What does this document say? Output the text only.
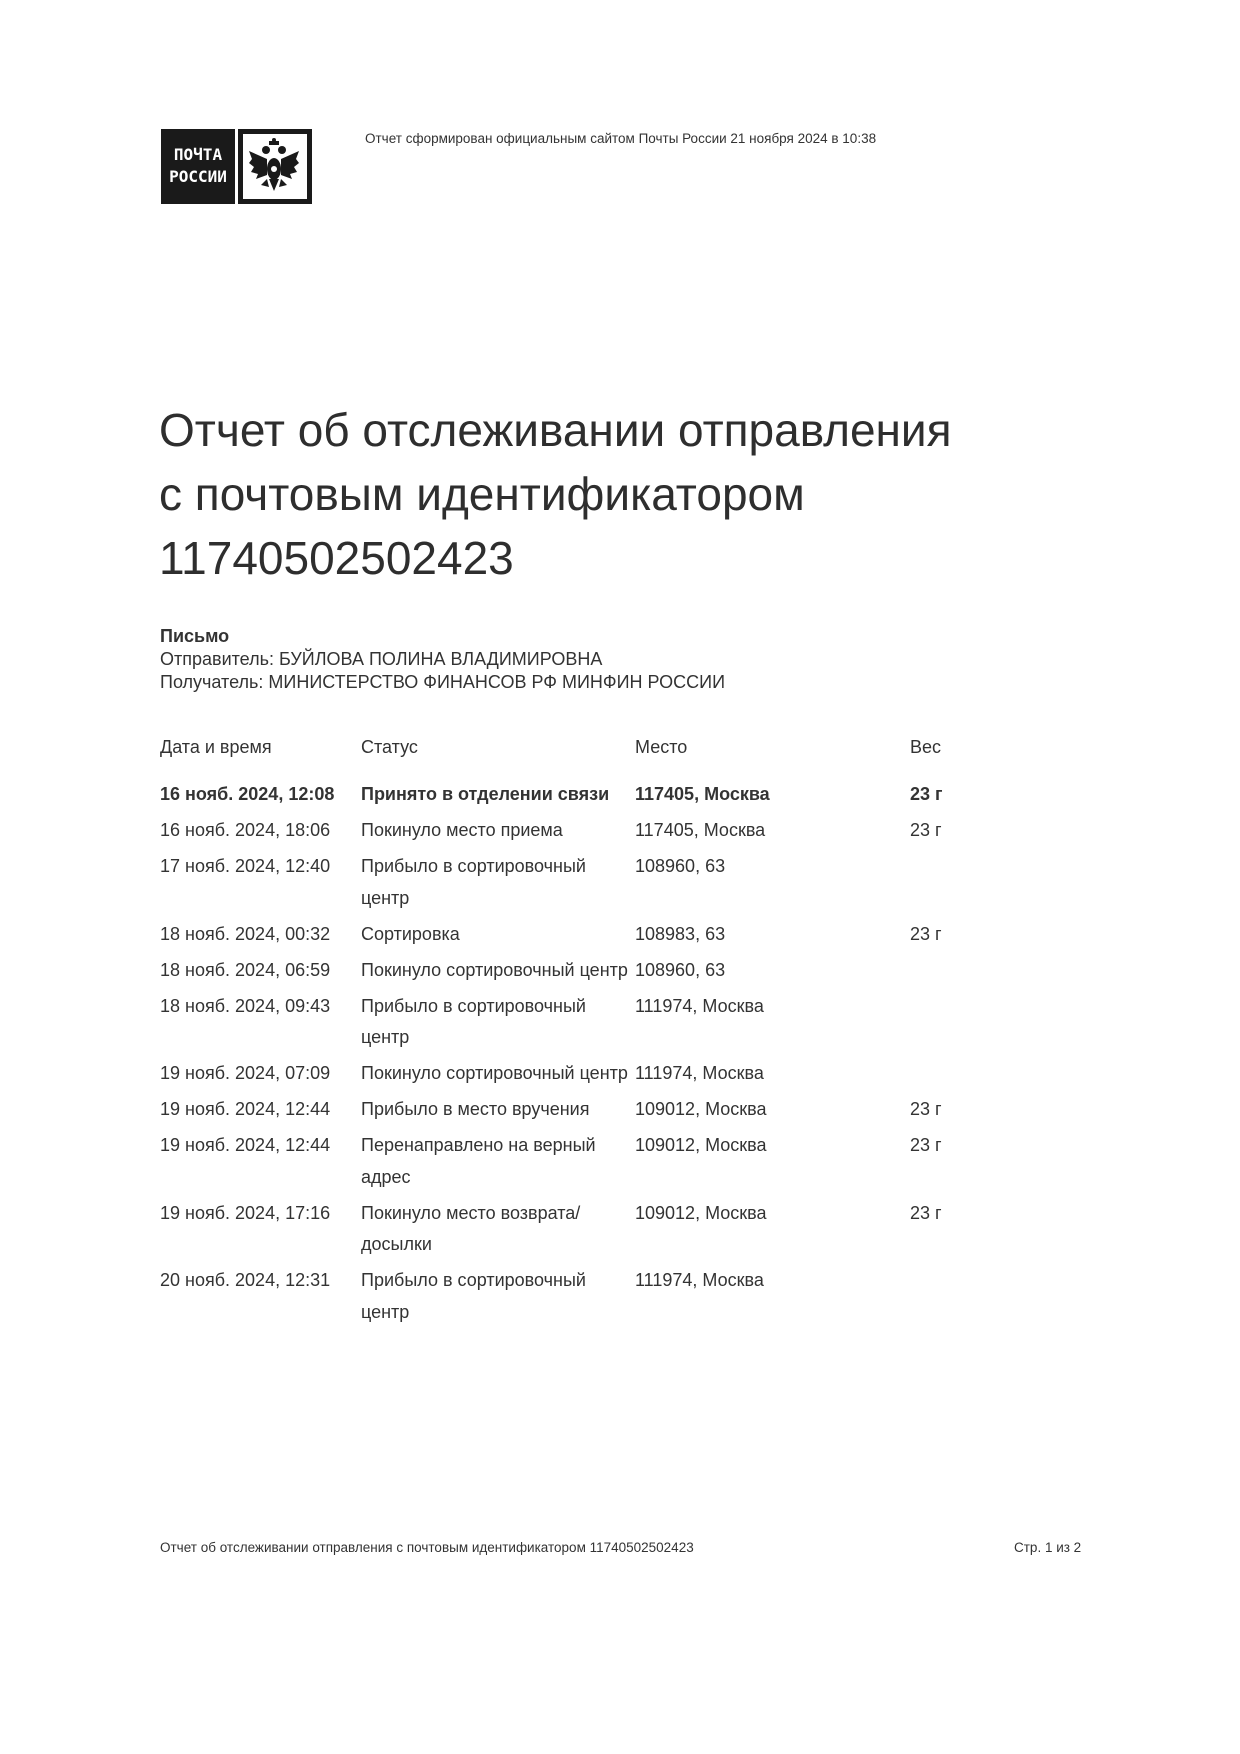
ПОЧТА
РОССИИ
Отчет сформирован официальным сайтом Почты России 21 ноября 2024 в 10:38
Отчет об отслеживании отправления
с почтовым идентификатором
11740502502423
Письмо
Отправитель: БУЙЛОВА ПОЛИНА ВЛАДИМИРОВНА
Получатель: МИНИСТЕРСТВО ФИНАНСОВ РФ МИНФИН РОССИИ
Дата и время	Статус	Место	Вес
16 нояб. 2024, 12:08	Принято в отделении связи	117405, Москва	23 г
16 нояб. 2024, 18:06	Покинуло место приема	117405, Москва	23 г
17 нояб. 2024, 12:40	Прибыло в сортировочный центр	108960, 63	
18 нояб. 2024, 00:32	Сортировка	108983, 63	23 г
18 нояб. 2024, 06:59	Покинуло сортировочный центр	108960, 63	
18 нояб. 2024, 09:43	Прибыло в сортировочный центр	111974, Москва	
19 нояб. 2024, 07:09	Покинуло сортировочный центр	111974, Москва	
19 нояб. 2024, 12:44	Прибыло в место вручения	109012, Москва	23 г
19 нояб. 2024, 12:44	Перенаправлено на верный адрес	109012, Москва	23 г
19 нояб. 2024, 17:16	Покинуло место возврата/ досылки	109012, Москва	23 г
20 нояб. 2024, 12:31	Прибыло в сортировочный центр	111974, Москва	
Отчет об отслеживании отправления с почтовым идентификатором 11740502502423	Стр. 1 из 2
